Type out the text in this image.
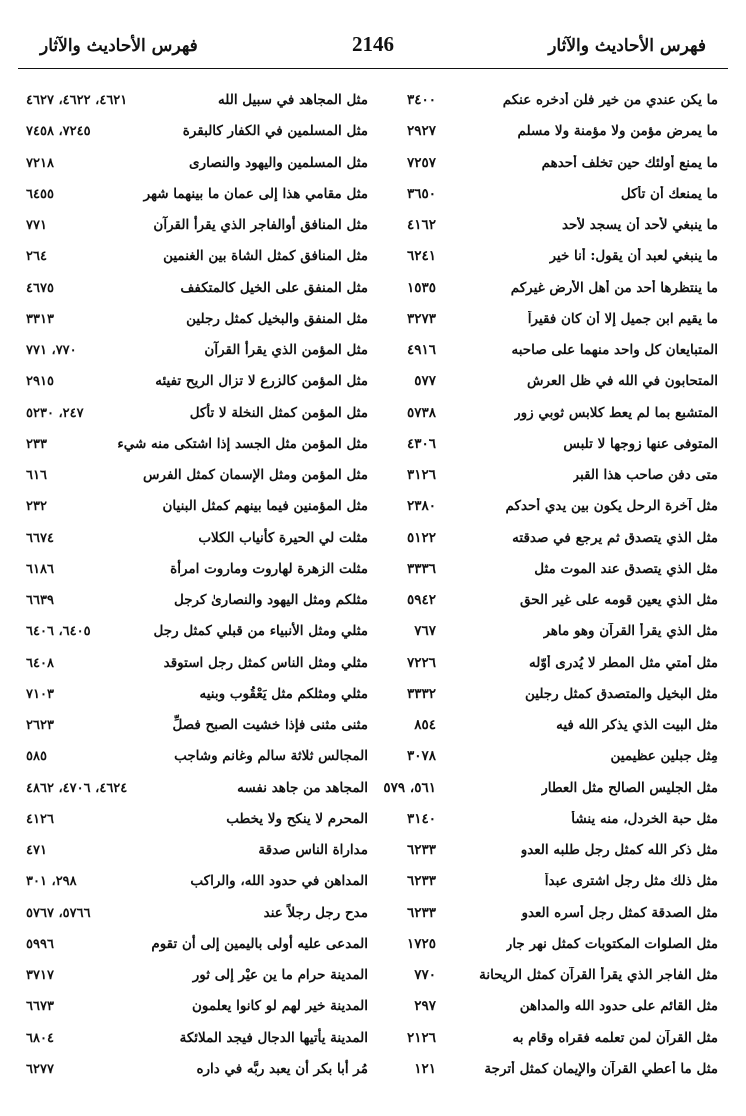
فهرس الأحاديث والآثار
2146
فهرس الأحاديث والآثار
ما يكن عندي من خير فلن أدخره عنكم
ما يمرض مؤمن ولا مؤمنة ولا مسلم
ما يمنع أولئك حين تخلف أحدهم
ما يمنعك أن تأكل
ما ينبغي لأحد أن يسجد لأحد
ما ينبغي لعبد أن يقول: أنا خير
ما ينتظرها أحد من أهل الأرض غيركم
ما يقيم ابن جميل إلا أن كان فقيراً
المتبايعان كل واحد منهما على صاحبه
المتحابون في الله في ظل العرش
المتشبع بما لم يعط كلابس ثوبي زور
المتوفى عنها زوجها لا تلبس
متى دفن صاحب هذا القبر
مثل آخرة الرحل يكون بين يدي أحدكم
مثل الذي يتصدق ثم يرجع في صدقته
مثل الذي يتصدق عند الموت مثل
مثل الذي يعين قومه على غير الحق
مثل الذي يقرأ القرآن وهو ماهر
مثل أمتي مثل المطر لا يُدرى أوّله
مثل البخيل والمتصدق كمثل رجلين
مثل البيت الذي يذكر الله فيه
مِثل جبلين عظيمين
مثل الجليس الصالح مثل العطار
مثل حبة الخردل، منه ينشأ
مثل ذكر الله كمثل رجل طلبه العدو
مثل ذلك مثل رجل اشترى عبداً
مثل الصدقة كمثل رجل أسره العدو
مثل الصلوات المكتوبات كمثل نهر جار
مثل الفاجر الذي يقرأ القرآن كمثل الريحانة
مثل القائم على حدود الله والمداهن
مثل القرآن لمن تعلمه فقراه وقام به
مثل ما أعطي القرآن والإيمان كمثل أترجة
٣٤٠٠
مثل المجاهد في سبيل الله
٤٦٢١، ٤٦٢٢، ٤٦٢٧
٢٩٢٧
مثل المسلمين في الكفار كالبقرة
٧٢٤٥، ٧٤٥٨
٧٢٥٧
مثل المسلمين واليهود والنصارى
٧٢١٨
٣٦٥٠
مثل مقامي هذا إلى عمان ما بينهما شهر
٦٤٥٥
٤١٦٢
مثل المنافق أوالفاجر الذي يقرأ القرآن
٧٧١
٦٢٤١
مثل المنافق كمثل الشاة بين الغنمين
٢٦٤
١٥٣٥
مثل المنفق على الخيل كالمتكفف
٤٦٧٥
٣٢٧٣
مثل المنفق والبخيل كمثل رجلين
٣٣١٣
٤٩١٦
مثل المؤمن الذي يقرأ القرآن
٧٧٠، ٧٧١
٥٧٧
مثل المؤمن كالزرع لا تزال الريح تفيئه
٢٩١٥
٥٧٣٨
مثل المؤمن كمثل النخلة لا تأكل
٢٤٧، ٥٢٣٠
٤٣٠٦
مثل المؤمن مثل الجسد إذا اشتكى منه شيء
٢٣٣
٣١٢٦
مثل المؤمن ومثل الإسمان كمثل الفرس
٦١٦
٢٣٨٠
مثل المؤمنين فيما بينهم كمثل البنيان
٢٣٢
٥١٢٢
مثلت لي الحيرة كأنياب الكلاب
٦٦٧٤
٣٣٣٦
مثلت الزهرة لهاروت وماروت امرأة
٦١٨٦
٥٩٤٢
مثلكم ومثل اليهود والنصارىٰ كرجل
٦٦٣٩
٧٦٧
مثلي ومثل الأنبياء من قبلي كمثل رجل
٦٤٠٥، ٦٤٠٦
٧٢٢٦
مثلي ومثل الناس كمثل رجل استوقد
٦٤٠٨
٣٣٣٢
مثلي ومثلكم مثل يَعْقُوب وبنيه
٧١٠٣
٨٥٤
مثنى مثنى فإذا خشيت الصبح فصلِّ
٢٦٢٣
٣٠٧٨
المجالس ثلاثة سالم وغانم وشاجب
٥٨٥
٥٦١، ٥٧٩
المجاهد من جاهد نفسه
٤٦٢٤، ٤٧٠٦، ٤٨٦٢
٣١٤٠
المحرم لا ينكح ولا يخطب
٤١٢٦
٦٢٣٣
مداراة الناس صدقة
٤٧١
٦٢٣٣
المداهن في حدود الله، والراكب
٢٩٨، ٣٠١
٦٢٣٣
مدح رجل رجلاً عند
٥٧٦٦، ٥٧٦٧
١٧٢٥
المدعى عليه أولى باليمين إلى أن تقوم
٥٩٩٦
٧٧٠
المدينة حرام ما ين عيْر إلى ثور
٣٧١٧
٢٩٧
المدينة خير لهم لو كانوا يعلمون
٦٦٧٣
٢١٢٦
المدينة يأتيها الدجال فيجد الملائكة
٦٨٠٤
١٢١
مُر أبا بكر أن يعبد ربَّه في داره
٦٢٧٧
